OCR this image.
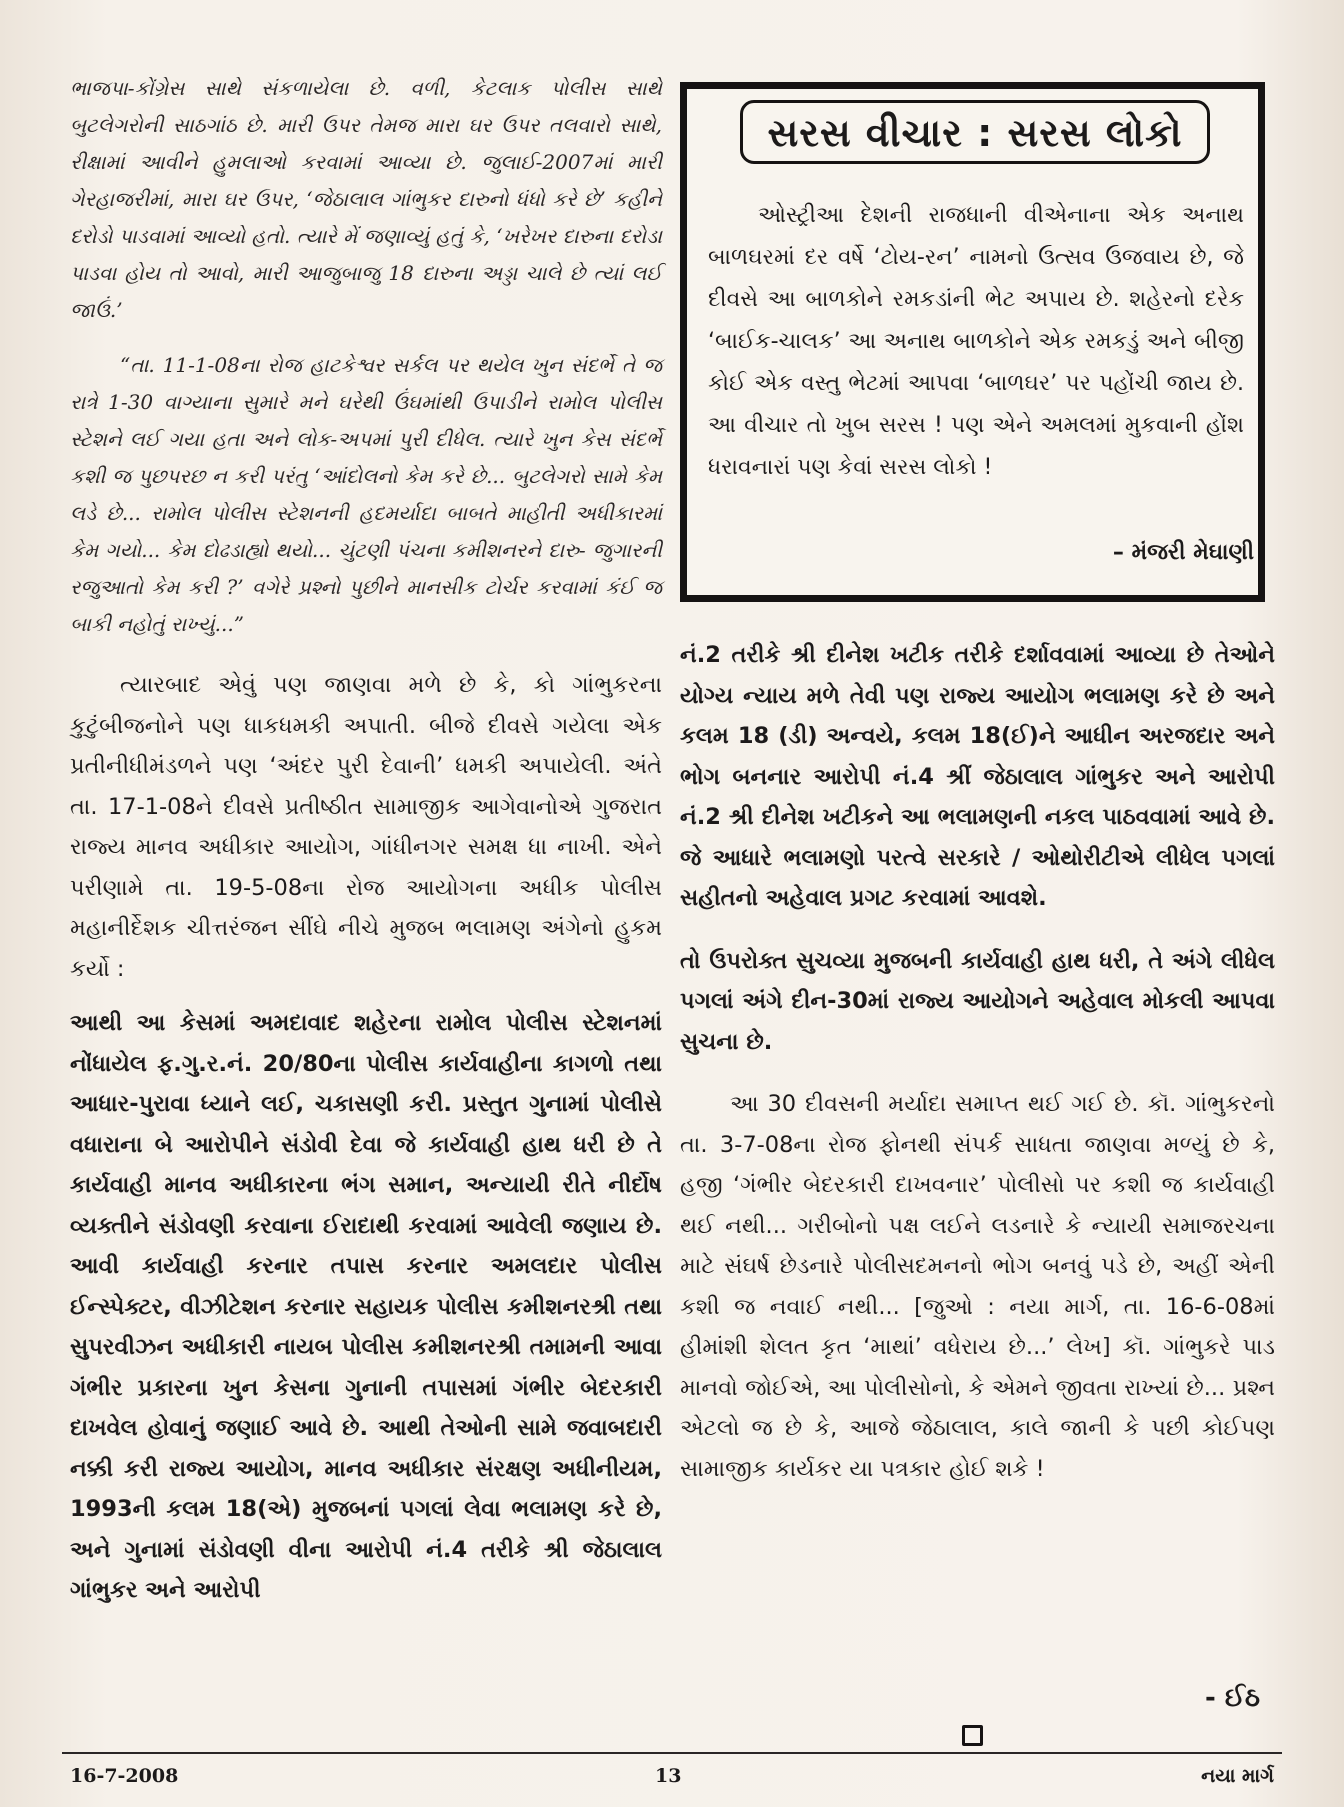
ભાજપા-કોંગ્રેસ સાથે સંકળાયેલા છે. વળી, કેટલાક પોલીસ સાથે બુટલેગરોની સાઠગાંઠ છે. મારી ઉપર તેમજ મારા ઘર ઉપર તલવારો સાથે, રીક્ષામાં આવીને હુમલાઓ કરવામાં આવ્યા છે. જુલાઈ-2007માં મારી ગેરહાજરીમાં, મારા ઘર ઉપર, ‘જેઠાલાલ ગાંભુકર દારુનો ધંધો કરે છે’ કહીને દરોડો પાડવામાં આવ્યો હતો. ત્યારે મેં જણાવ્યું હતું કે, ‘ખરેખર દારુના દરોડા પાડવા હોય તો આવો, મારી આજુબાજુ 18 દારુના અડ્ડા ચાલે છે ત્યાં લઈ જાઉં.’

“તા. 11-1-08ના રોજ હાટકેશ્વર સર્કલ પર થયેલ ખુન સંદર્ભે તે જ રાત્રે 1-30 વાગ્યાના સુમારે મને ઘરેથી ઉંઘમાંથી ઉપાડીને રામોલ પોલીસ સ્ટેશને લઈ ગયા હતા અને લોક-અપમાં પુરી દીધેલ. ત્યારે ખુન કેસ સંદર્ભે કશી જ પુછપરછ ન કરી પરંતુ ‘આંદોલનો કેમ કરે છે... બુટલેગરો સામે કેમ લડે છે... રામોલ પોલીસ સ્ટેશનની હદમર્યાદા બાબતે માહીતી અધીકારમાં કેમ ગયો... કેમ દોઢડાહ્યો થયો... ચુંટણી પંચના કમીશનરને દારુ- જુગારની રજુઆતો કેમ કરી ?’ વગેરે પ્રશ્નો પુછીને માનસીક ટોર્ચર કરવામાં કંઈ જ બાકી નહોતું રાખ્યું...”

ત્યારબાદ એવું પણ જાણવા મળે છે કે, કો ગાંભુકરના કુટુંબીજનોને પણ ધાકધમકી અપાતી. બીજે દીવસે ગયેલા એક પ્રતીનીધીમંડળને પણ ‘અંદર પુરી દેવાની’ ધમકી અપાયેલી. અંતે તા. 17-1-08ને દીવસે પ્રતીષ્ઠીત સામાજીક આગેવાનોએ ગુજરાત રાજ્ય માનવ અધીકાર આયોગ, ગાંધીનગર સમક્ષ ધા નાખી. એને પરીણામે તા. 19-5-08ના રોજ આયોગના અધીક પોલીસ મહાનીર્દેશક ચીત્તરંજન સીંઘે નીચે મુજબ ભલામણ અંગેનો હુકમ કર્યો :

આથી આ કેસમાં અમદાવાદ શહેરના રામોલ પોલીસ સ્ટેશનમાં નોંધાયેલ ફ.ગુ.ર.નં. 20/80ના પોલીસ કાર્યવાહીના કાગળો તથા આધાર-પુરાવા ધ્યાને લઈ, ચકાસણી કરી. પ્રસ્તુત ગુનામાં પોલીસે વધારાના બે આરોપીને સંડોવી દેવા જે કાર્યવાહી હાથ ધરી છે તે કાર્યવાહી માનવ અધીકારના ભંગ સમાન, અન્યાયી રીતે નીર્દોષ વ્યક્તીને સંડોવણી કરવાના ઈરાદાથી કરવામાં આવેલી જણાય છે. આવી કાર્યવાહી કરનાર તપાસ કરનાર અમલદાર પોલીસ ઈન્સ્પેક્ટર, વીઝીટેશન કરનાર સહાયક પોલીસ કમીશનરશ્રી તથા સુપરવીઝન અધીકારી નાયબ પોલીસ કમીશનરશ્રી તમામની આવા ગંભીર પ્રકારના ખુન કેસના ગુનાની તપાસમાં ગંભીર બેદરકારી દાખવેલ હોવાનું જણાઈ આવે છે. આથી તેઓની સામે જવાબદારી નક્કી કરી રાજ્ય આયોગ, માનવ અધીકાર સંરક્ષણ અધીનીયમ, 1993ની કલમ 18(એ) મુજબનાં પગલાં લેવા ભલામણ કરે છે, અને ગુનામાં સંડોવણી વીના આરોપી નં.4 તરીકે શ્રી જેઠાલાલ ગાંભુકર અને આરોપી

સરસ વીચાર : સરસ લોકો

ઓસ્ટ્રીઆ દેશની રાજધાની વીએનાના એક અનાથ બાળઘરમાં દર વર્ષે ‘ટોય-રન’ નામનો ઉત્સવ ઉજવાય છે, જે દીવસે આ બાળકોને રમકડાંની ભેટ અપાય છે. શહેરનો દરેક ‘બાઈક-ચાલક’ આ અનાથ બાળકોને એક રમકડું અને બીજી કોઈ એક વસ્તુ ભેટમાં આપવા ‘બાળઘર’ પર પહોંચી જાય છે. આ વીચાર તો ખુબ સરસ ! પણ એને અમલમાં મુકવાની હોંશ ધરાવનારાં પણ કેવાં સરસ લોકો !

– મંજરી મેઘાણી

નં.2 તરીકે શ્રી દીનેશ ખટીક તરીકે દર્શાવવામાં આવ્યા છે તેઓને યોગ્ય ન્યાય મળે તેવી પણ રાજ્ય આયોગ ભલામણ કરે છે અને કલમ 18 (ડી) અન્વયે, કલમ 18(ઈ)ને આધીન અરજદાર અને ભોગ બનનાર આરોપી નં.4 શ્રીં જેઠાલાલ ગાંભુકર અને આરોપી નં.2 શ્રી દીનેશ ખટીકને આ ભલામણની નકલ પાઠવવામાં આવે છે. જે આધારે ભલામણો પરત્વે સરકારે / ઓથોરીટીએ લીધેલ પગલાં સહીતનો અહેવાલ પ્રગટ કરવામાં આવશે.

તો ઉપરોક્ત સુચવ્યા મુજબની કાર્યવાહી હાથ ધરી, તે અંગે લીધેલ પગલાં અંગે દીન-30માં રાજ્ય આયોગને અહેવાલ મોકલી આપવા સુચના છે.

આ 30 દીવસની મર્યાદા સમાપ્ત થઈ ગઈ છે. કૉ. ગાંભુકરનો તા. 3-7-08ના રોજ ફોનથી સંપર્ક સાધતા જાણવા મળ્યું છે કે, હજી ‘ગંભીર બેદરકારી દાખવનાર’ પોલીસો પર કશી જ કાર્યવાહી થઈ નથી... ગરીબોનો પક્ષ લઈને લડનારે કે ન્યાયી સમાજરચના માટે સંઘર્ષ છેડનારે પોલીસદમનનો ભોગ બનવું પડે છે, અહીં એની કશી જ નવાઈ નથી... [જુઓ : નયા માર્ગ, તા. 16-6-08માં હીમાંશી શેલત કૃત ‘માથાં’ વધેરાય છે...’ લેખ] કૉ. ગાંભુકરે પાડ માનવો જોઈએ, આ પોલીસોનો, કે એમને જીવતા રાખ્યાં છે... પ્રશ્ન એટલો જ છે કે, આજે જેઠાલાલ, કાલે જાની કે પછી કોઈપણ સામાજીક કાર્યકર યા પત્રકાર હોઈ શકે !

- ઈઠ
16-7-2008	13	નયા માર્ગ
